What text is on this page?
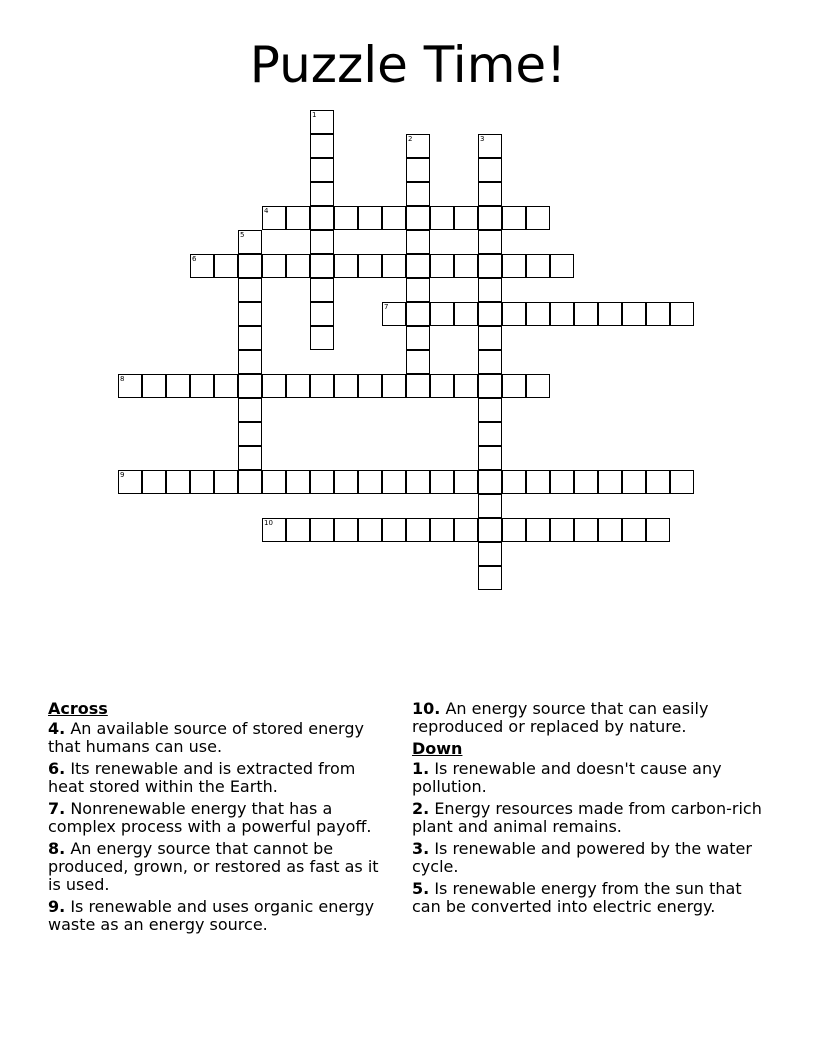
Puzzle Time!
1
2	3
4
5
6
7
8
9
10
Across
4. An available source of stored energy that humans can use.
6. Its renewable and is extracted from heat stored within the Earth.
7. Nonrenewable energy that has a complex process with a powerful payoff.
8. An energy source that cannot be produced, grown, or restored as fast as it is used.
9. Is renewable and uses organic energy waste as an energy source.
10. An energy source that can easily reproduced or replaced by nature.
Down
1. Is renewable and doesn't cause any pollution.
2. Energy resources made from carbon-rich plant and animal remains.
3. Is renewable and powered by the water cycle.
5. Is renewable energy from the sun that can be converted into electric energy.
